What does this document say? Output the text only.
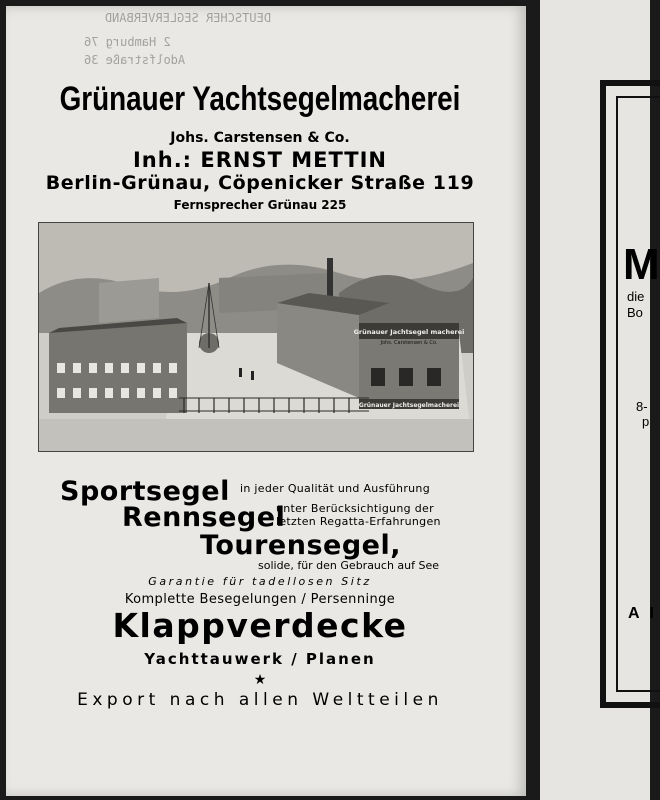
DEUTSCHER SEGLERVERBAND
2 Hamburg 76
Adolfstraße 36
Grünauer Yachtsegelmacherei
Johs. Carstensen & Co.
Inh.: ERNST METTIN
Berlin-Grünau, Cöpenicker Straße 119
Fernsprecher Grünau 225
Grünauer Jachtsegel macherei
Johs. Carstensen & Co.
Grünauer Jachtsegelmacherei
Sportsegel in jeder Qualität und Ausführung
Rennsegel
unter Berücksichtigung der
letzten Regatta-Erfahrungen
Tourensegel,
solide, für den Gebrauch auf See
Garantie für tadellosen Sitz
Komplette Besegelungen / Persenninge
Klappverdecke
Yachttauwerk / Planen
★
Export nach allen Weltteilen
M
die
Bo
8-
p
A I
